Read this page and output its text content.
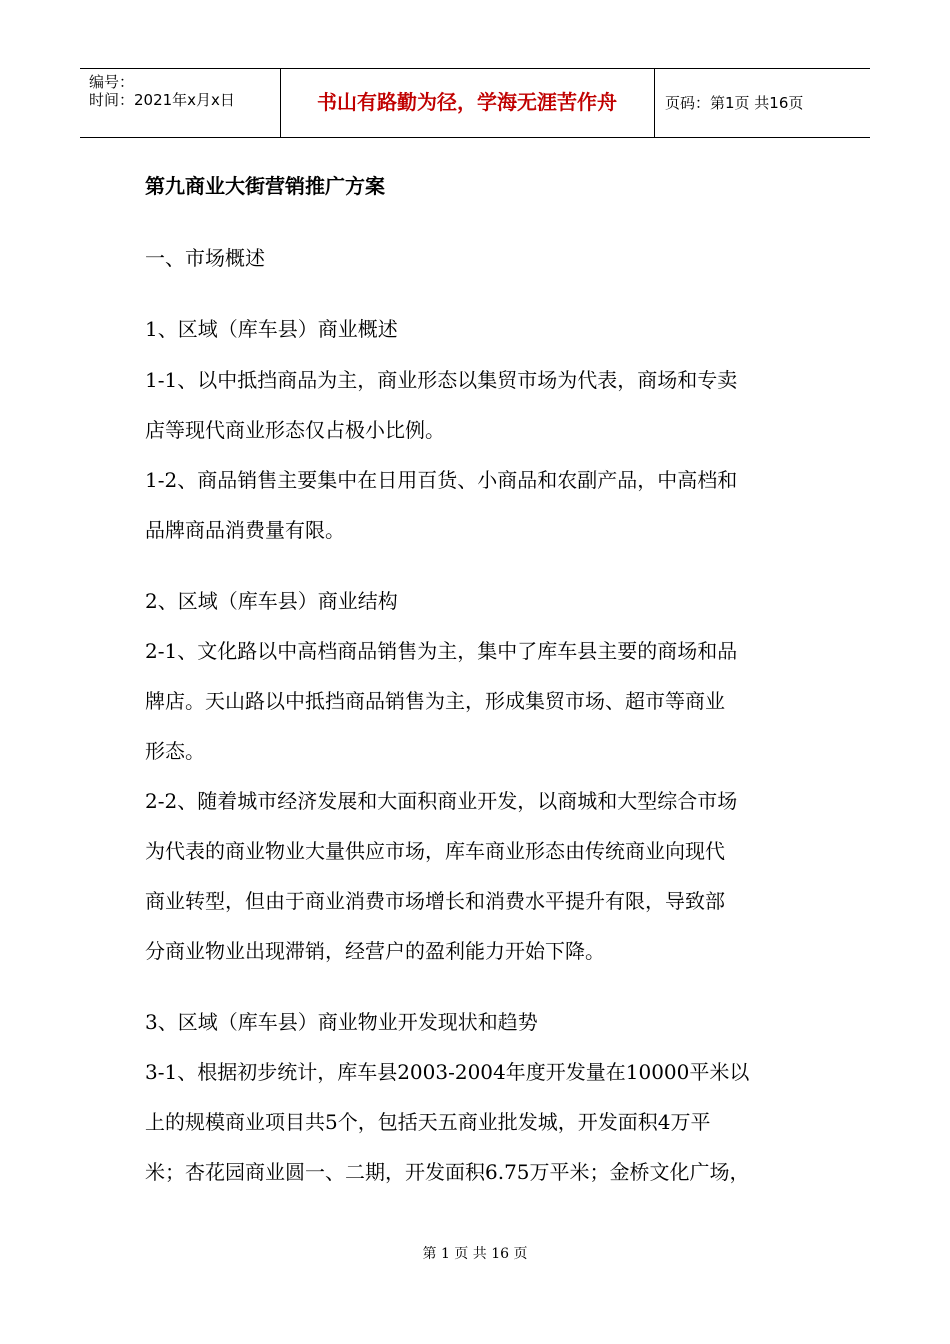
编号：
时间：2021年x月x日	书山有路勤为径，学海无涯苦作舟	页码：第1页 共16页
第九商业大街营销推广方案
一、市场概述
1、区域（库车县）商业概述
1-1、以中抵挡商品为主，商业形态以集贸市场为代表，商场和专卖
店等现代商业形态仅占极小比例。
1-2、商品销售主要集中在日用百货、小商品和农副产品，中高档和
品牌商品消费量有限。
2、区域（库车县）商业结构
2-1、文化路以中高档商品销售为主，集中了库车县主要的商场和品
牌店。天山路以中抵挡商品销售为主，形成集贸市场、超市等商业
形态。
2-2、随着城市经济发展和大面积商业开发，以商城和大型综合市场
为代表的商业物业大量供应市场，库车商业形态由传统商业向现代
商业转型，但由于商业消费市场增长和消费水平提升有限，导致部
分商业物业出现滞销，经营户的盈利能力开始下降。
3、区域（库车县）商业物业开发现状和趋势
3-1、根据初步统计，库车县2003-2004年度开发量在10000平米以
上的规模商业项目共5个，包括天五商业批发城，开发面积4万平
米；杏花园商业圆一、二期，开发面积6.75万平米；金桥文化广场，
第 1 页 共 16 页
